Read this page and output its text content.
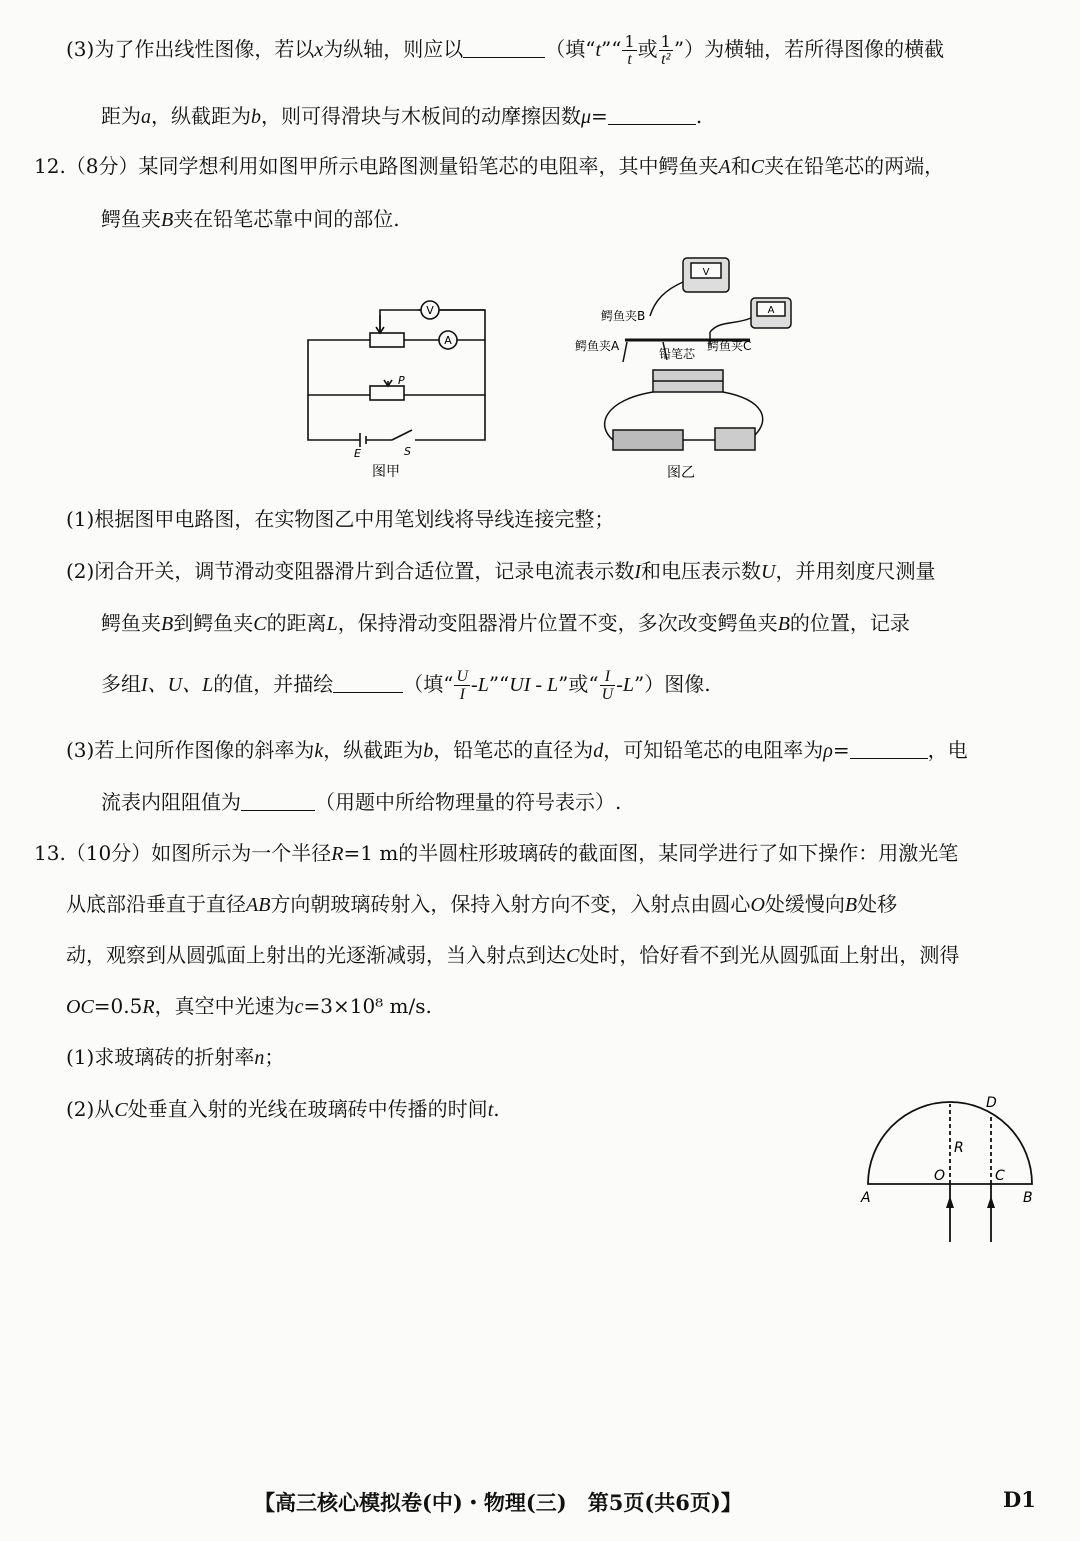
(3)为了作出线性图像，若以x为纵轴，则应以	（填“t”“ $\frac{1}{t}$ 或 $\frac{1}{\text{t²}}$ ”）为横轴，若所得图像的横截
距为a，纵截距为b，则可得滑块与木板间的动摩擦因数μ=	.
12.（8分）某同学想利用如图甲所示电路图测量铅笔芯的电阻率，其中鳄鱼夹A和C夹在铅笔芯的两端，
鳄鱼夹B夹在铅笔芯靠中间的部位.
V
A
P
E	S
图甲
鳄鱼夹B
鳄鱼夹A	鳄鱼夹C
铅笔芯
V
A
图乙
(1)根据图甲电路图，在实物图乙中用笔划线将导线连接完整；
(2)闭合开关，调节滑动变阻器滑片到合适位置，记录电流表示数I和电压表示数U，并用刻度尺测量
鳄鱼夹B到鳄鱼夹C的距离L，保持滑动变阻器滑片位置不变，多次改变鳄鱼夹B的位置，记录
多组I、U、L的值，并描绘	（填“ $\frac{U}{I}$ -L”“UI - L”或“ $\frac{I}{U}$ -L”）图像.
(3)若上问所作图像的斜率为k，纵截距为b，铅笔芯的直径为d，可知铅笔芯的电阻率为ρ=	，电
流表内阻阻值为	（用题中所给物理量的符号表示）.
13.（10分）如图所示为一个半径R=1 m的半圆柱形玻璃砖的截面图，某同学进行了如下操作：用激光笔
从底部沿垂直于直径AB方向朝玻璃砖射入，保持入射方向不变，入射点由圆心O处缓慢向B处移
动，观察到从圆弧面上射出的光逐渐减弱，当入射点到达C处时，恰好看不到光从圆弧面上射出，测得
OC=0.5R，真空中光速为c=3×10⁸ m/s.
(1)求玻璃砖的折射率n；
(2)从C处垂直入射的光线在玻璃砖中传播的时间t.	D
R
O	C
A	B
【高三核心模拟卷(中)・物理(三)　第5页(共6页)】	D1
